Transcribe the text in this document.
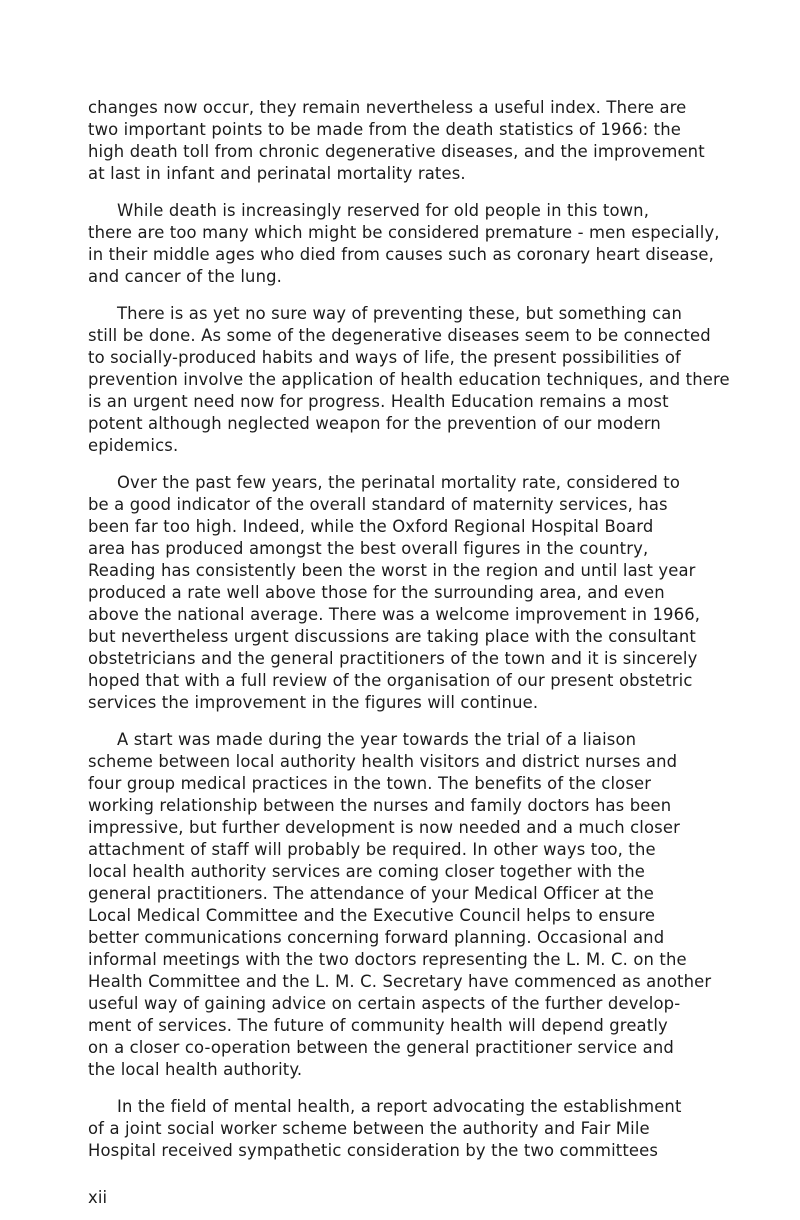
changes now occur, they remain nevertheless a useful index. There are
two important points to be made from the death statistics of 1966: the
high death toll from chronic degenerative diseases, and the improvement
at last in infant and perinatal mortality rates.
While death is increasingly reserved for old people in this town,
there are too many which might be considered premature - men especially,
in their middle ages who died from causes such as coronary heart disease,
and cancer of the lung.
There is as yet no sure way of preventing these, but something can
still be done. As some of the degenerative diseases seem to be connected
to socially-produced habits and ways of life, the present possibilities of
prevention involve the application of health education techniques, and there
is an urgent need now for progress. Health Education remains a most
potent although neglected weapon for the prevention of our modern
epidemics.
Over the past few years, the perinatal mortality rate, considered to
be a good indicator of the overall standard of maternity services, has
been far too high. Indeed, while the Oxford Regional Hospital Board
area has produced amongst the best overall figures in the country,
Reading has consistently been the worst in the region and until last year
produced a rate well above those for the surrounding area, and even
above the national average. There was a welcome improvement in 1966,
but nevertheless urgent discussions are taking place with the consultant
obstetricians and the general practitioners of the town and it is sincerely
hoped that with a full review of the organisation of our present obstetric
services the improvement in the figures will continue.
A start was made during the year towards the trial of a liaison
scheme between local authority health visitors and district nurses and
four group medical practices in the town. The benefits of the closer
working relationship between the nurses and family doctors has been
impressive, but further development is now needed and a much closer
attachment of staff will probably be required. In other ways too, the
local health authority services are coming closer together with the
general practitioners. The attendance of your Medical Officer at the
Local Medical Committee and the Executive Council helps to ensure
better communications concerning forward planning. Occasional and
informal meetings with the two doctors representing the L. M. C. on the
Health Committee and the L. M. C. Secretary have commenced as another
useful way of gaining advice on certain aspects of the further develop-
ment of services. The future of community health will depend greatly
on a closer co-operation between the general practitioner service and
the local health authority.
In the field of mental health, a report advocating the establishment
of a joint social worker scheme between the authority and Fair Mile
Hospital received sympathetic consideration by the two committees
xii
